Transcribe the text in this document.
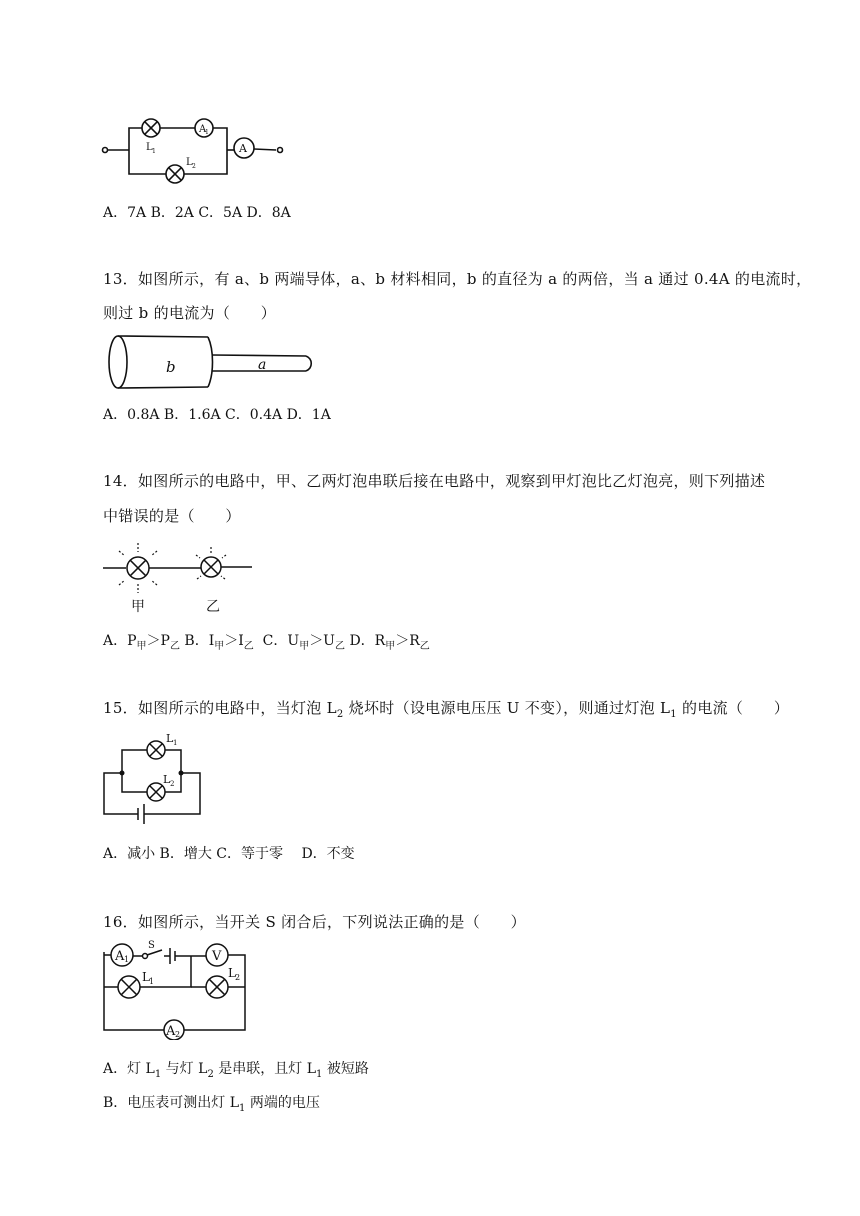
A
1
A
L 1
L 2
A．7A B．2A C．5A D．8A
13．如图所示，有 a、b 两端导体，a、b 材料相同，b 的直径为 a 的两倍，当 a 通过 0.4A 的电流时，
则过 b 的电流为（　　）
b	a
A．0.8A B．1.6A C．0.4A D．1A
14．如图所示的电路中，甲、乙两灯泡串联后接在电路中，观察到甲灯泡比乙灯泡亮，则下列描述
中错误的是（　　）
甲	乙
A．$P_甲>P_乙$ B．$I_甲>I_乙$ C．$U_甲>U_乙$ D．$R_甲>R_乙$
15．如图所示的电路中，当灯泡 $L_2$ 烧坏时（设电源电压压 U 不变），则通过灯泡 $L_1$ 的电流（　　）
L 1
L 2
A．减小 B．增大 C．等于零　 D．不变
16．如图所示，当开关 S 闭合后，下列说法正确的是（　　）
A 1
S
V
L 1
L 2
A 2
A．灯 $L_1$ 与灯 $L_2$ 是串联，且灯 $L_1$ 被短路
B．电压表可测出灯 $L_1$ 两端的电压
